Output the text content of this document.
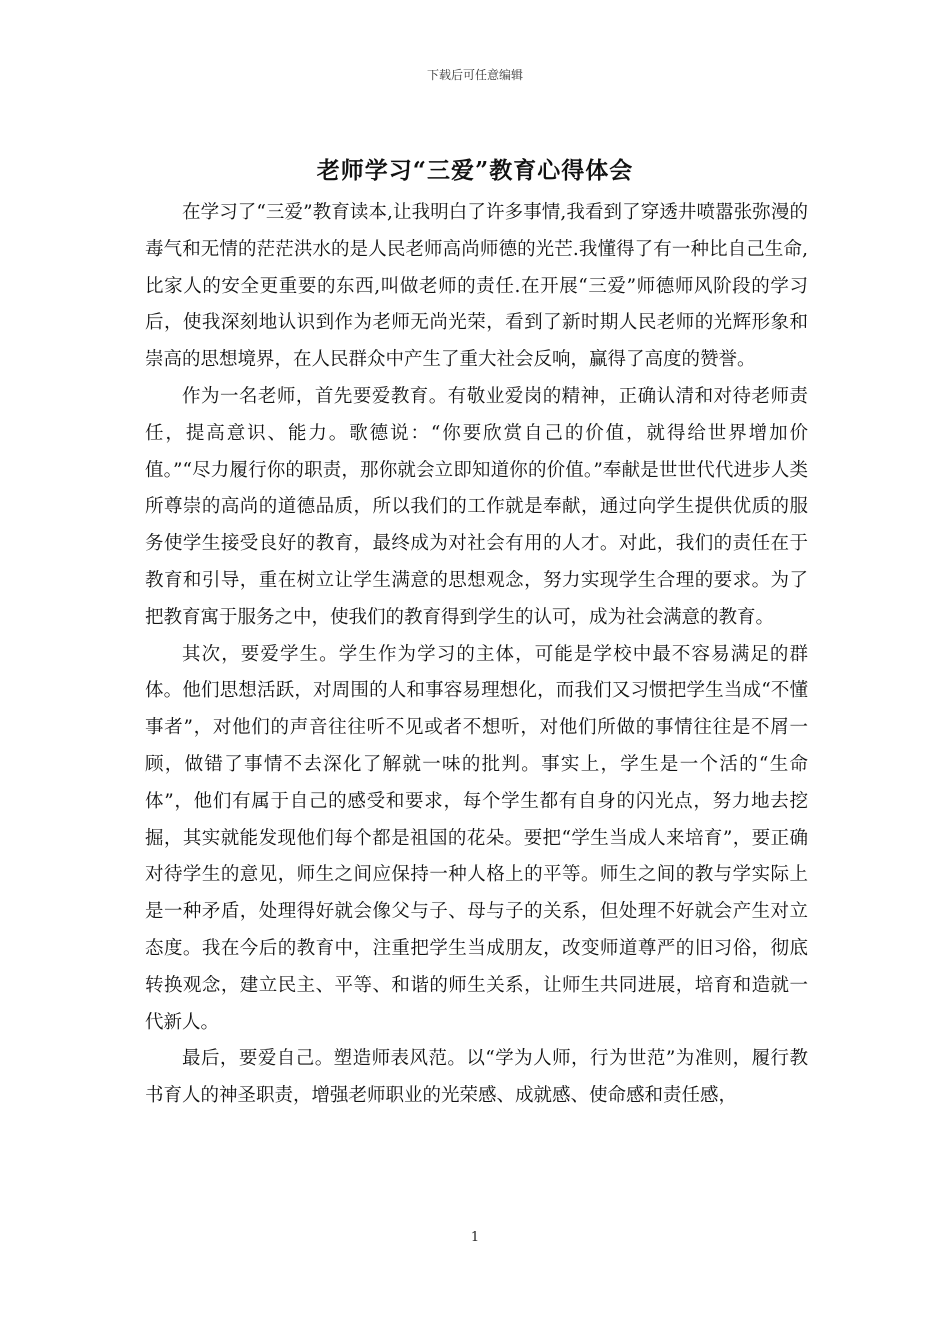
下载后可任意编辑
老师学习“三爱”教育心得体会

在学习了“三爱”教育读本,让我明白了许多事情,我看到了穿透井喷嚣张弥漫的毒气和无情的茫茫洪水的是人民老师高尚师德的光芒.我懂得了有一种比自己生命,比家人的安全更重要的东西,叫做老师的责任.在开展“三爱”师德师风阶段的学习后，使我深刻地认识到作为老师无尚光荣，看到了新时期人民老师的光辉形象和崇高的思想境界，在人民群众中产生了重大社会反响，赢得了高度的赞誉。

作为一名老师，首先要爱教育。有敬业爱岗的精神，正确认清和对待老师责任，提高意识、能力。歌德说：“你要欣赏自己的价值，就得给世界增加价值。”“尽力履行你的职责，那你就会立即知道你的价值。”奉献是世世代代进步人类所尊崇的高尚的道德品质，所以我们的工作就是奉献，通过向学生提供优质的服务使学生接受良好的教育，最终成为对社会有用的人才。对此，我们的责任在于教育和引导，重在树立让学生满意的思想观念，努力实现学生合理的要求。为了把教育寓于服务之中，使我们的教育得到学生的认可，成为社会满意的教育。

其次，要爱学生。学生作为学习的主体，可能是学校中最不容易满足的群体。他们思想活跃，对周围的人和事容易理想化，而我们又习惯把学生当成“不懂事者”，对他们的声音往往听不见或者不想听，对他们所做的事情往往是不屑一顾，做错了事情不去深化了解就一味的批判。事实上，学生是一个活的“生命体”，他们有属于自己的感受和要求，每个学生都有自身的闪光点，努力地去挖掘，其实就能发现他们每个都是祖国的花朵。要把“学生当成人来培育”，要正确对待学生的意见，师生之间应保持一种人格上的平等。师生之间的教与学实际上是一种矛盾，处理得好就会像父与子、母与子的关系，但处理不好就会产生对立态度。我在今后的教育中，注重把学生当成朋友，改变师道尊严的旧习俗，彻底转换观念，建立民主、平等、和谐的师生关系，让师生共同进展，培育和造就一代新人。

最后，要爱自己。塑造师表风范。以“学为人师，行为世范”为准则，履行教书育人的神圣职责，增强老师职业的光荣感、成就感、使命感和责任感，

1
